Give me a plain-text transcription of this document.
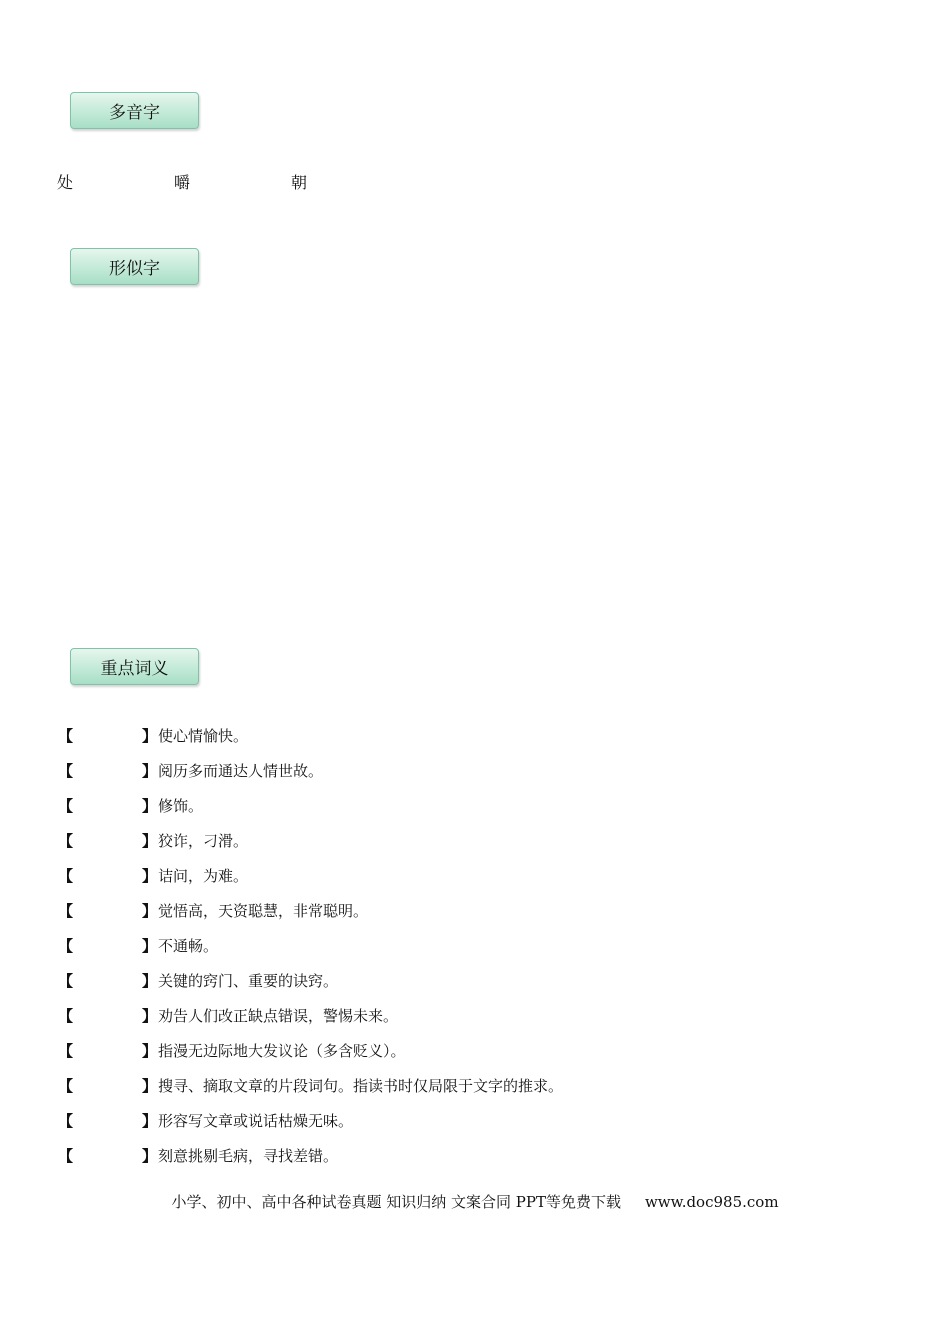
多音字
处	嚼	朝
形似字
重点词义
【	】 使心情愉快。
【	】 阅历多而通达人情世故。
【	】 修饰。
【	】 狡诈，刁滑。
【	】 诘问，为难。
【	】 觉悟高，天资聪慧，非常聪明。
【	】 不通畅。
【	】 关键的窍门、重要的诀窍。
【	】 劝告人们改正缺点错误，警惕未来。
【	】 指漫无边际地大发议论（多含贬义）。
【	】 搜寻、摘取文章的片段词句。指读书时仅局限于文字的推求。
【	】 形容写文章或说话枯燥无味。
【	】 刻意挑剔毛病，寻找差错。
小学、初中、高中各种试卷真题 知识归纳 文案合同 PPT等免费下载 www.doc985.com
